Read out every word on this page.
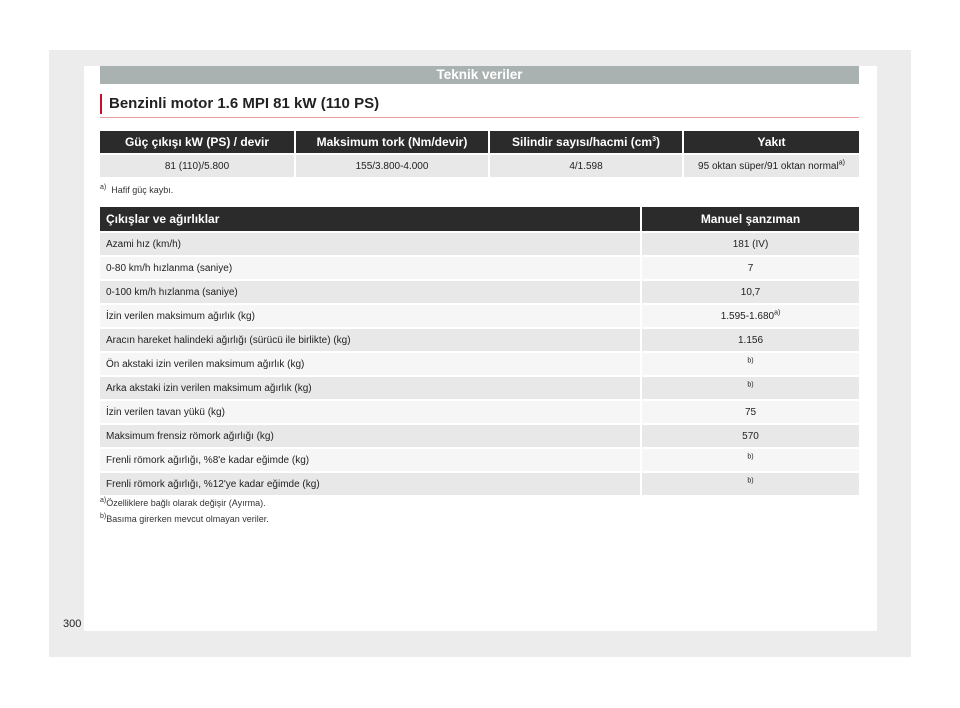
Teknik veriler
Benzinli motor 1.6 MPI 81 kW (110 PS)
Güç çıkışı kW (PS) / devir	Maksimum tork (Nm/devir)	Silindir sayısı/hacmi $(cm^3)$	Yakıt
81 (110)/5.800	155/3.800-4.000	4/1.598	95 oktan süper/91 oktan normal$^{a)}$
$^{a)}$ Hafif güç kaybı.
Çıkışlar ve ağırlıklar	Manuel şanzıman
Azami hız (km/h)	181 (IV)
0-80 km/h hızlanma (saniye)	7
0-100 km/h hızlanma (saniye)	10,7
İzin verilen maksimum ağırlık (kg)	1.595-1.680$^{a)}$
Aracın hareket halindeki ağırlığı (sürücü ile birlikte) (kg)	1.156
Ön akstaki izin verilen maksimum ağırlık (kg)	$^{b)}$
Arka akstaki izin verilen maksimum ağırlık (kg)	$^{b)}$
İzin verilen tavan yükü (kg)	75
Maksimum frensiz römork ağırlığı (kg)	570
Frenli römork ağırlığı, %8'e kadar eğimde (kg)	$^{b)}$
Frenli römork ağırlığı, %12'ye kadar eğimde (kg)	$^{b)}$
$^{a)}$Özelliklere bağlı olarak değişir (Ayırma).
$^{b)}$Basıma girerken mevcut olmayan veriler.
300
